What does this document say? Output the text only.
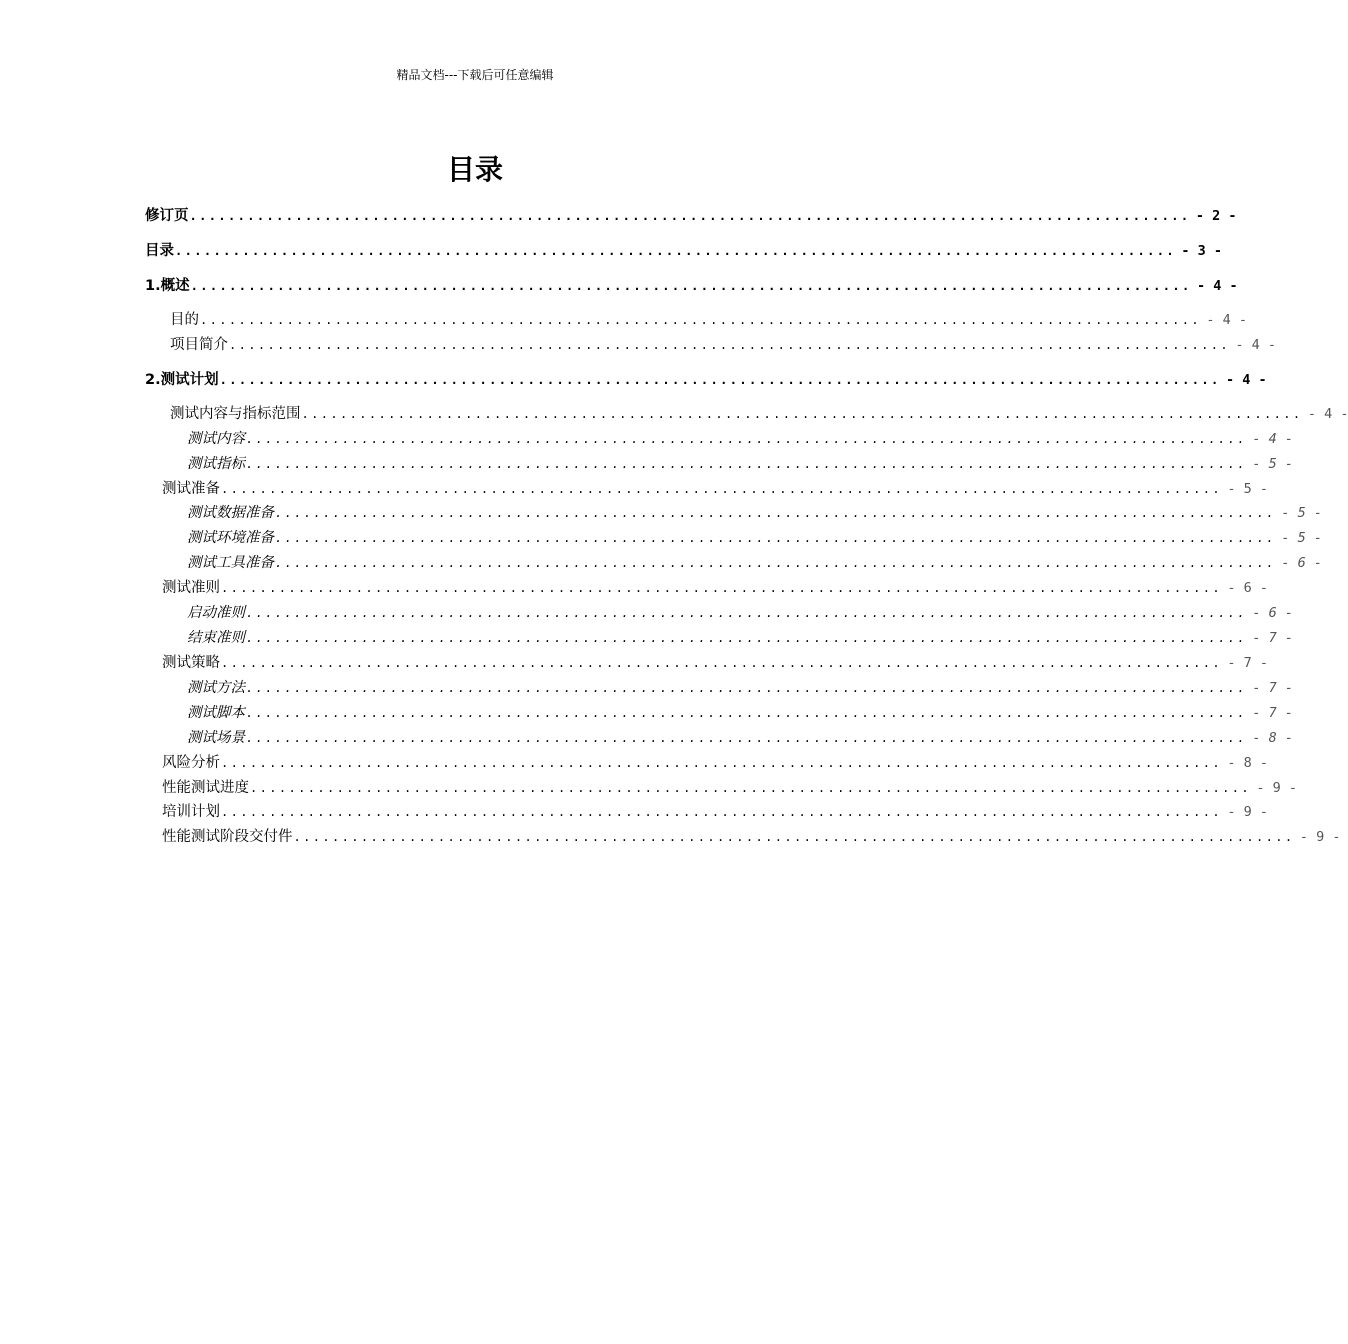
精品文档---下载后可任意编辑
目录
修订页 ........................................................................................................ - 2 -
目录 ........................................................................................................ - 3 -
1. 概述 ........................................................................................................ - 4 -
目的 ........................................................................................................ - 4 -
项目简介 ........................................................................................................ - 4 -
2. 测试计划 ........................................................................................................ - 4 -
测试内容与指标范围 ........................................................................................................ - 4 -
测试内容 ........................................................................................................ - 4 -
测试指标 ........................................................................................................ - 5 -
测试准备 ........................................................................................................ - 5 -
测试数据准备 ........................................................................................................ - 5 -
测试环境准备 ........................................................................................................ - 5 -
测试工具准备 ........................................................................................................ - 6 -
测试准则 ........................................................................................................ - 6 -
启动准则 ........................................................................................................ - 6 -
结束准则 ........................................................................................................ - 7 -
测试策略 ........................................................................................................ - 7 -
测试方法 ........................................................................................................ - 7 -
测试脚本 ........................................................................................................ - 7 -
测试场景 ........................................................................................................ - 8 -
风险分析 ........................................................................................................ - 8 -
性能测试进度 ........................................................................................................ - 9 -
培训计划 ........................................................................................................ - 9 -
性能测试阶段交付件 ........................................................................................................ - 9 -
